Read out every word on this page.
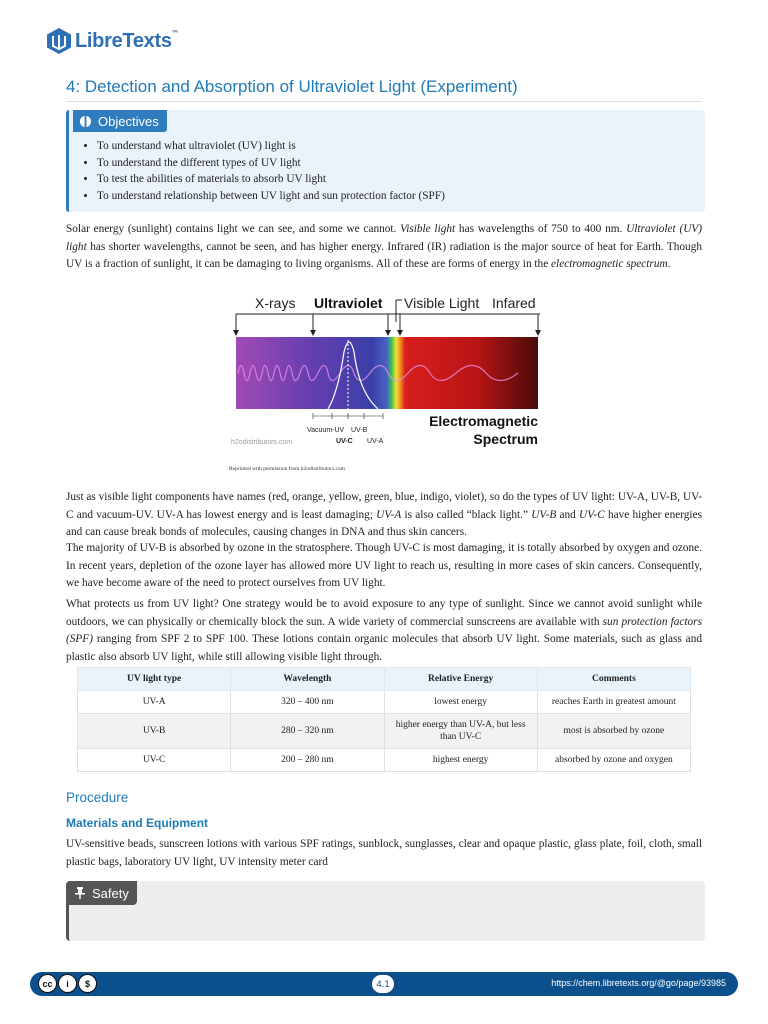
LibreTexts™
4: Detection and Absorption of Ultraviolet Light (Experiment)
Objectives
• To understand what ultraviolet (UV) light is
• To understand the different types of UV light
• To test the abilities of materials to absorb UV light
• To understand relationship between UV light and sun protection factor (SPF)

Solar energy (sunlight) contains light we can see, and some we cannot. Visible light has wavelengths of 750 to 400 nm. Ultraviolet (UV) light has shorter wavelengths, cannot be seen, and has higher energy. Infrared (IR) radiation is the major source of heat for Earth. Though UV is a fraction of sunlight, it can be damaging to living organisms. All of these are forms of energy in the electromagnetic spectrum.

X-rays Ultraviolet Visible Light Infared
Vacuum-UV UV-B
UV-C UV-A
h2odistributors.com
Electromagnetic
Spectrum
Reprinted with permission from h2odistributors.com

Just as visible light components have names (red, orange, yellow, green, blue, indigo, violet), so do the types of UV light: UV-A, UV-B, UV-C and vacuum-UV. UV-A has lowest energy and is least damaging; UV-A is also called “black light.” UV-B and UV-C have higher energies and can cause break bonds of molecules, causing changes in DNA and thus skin cancers.

The majority of UV-B is absorbed by ozone in the stratosphere. Though UV-C is most damaging, it is totally absorbed by oxygen and ozone. In recent years, depletion of the ozone layer has allowed more UV light to reach us, resulting in more cases of skin cancers. Consequently, we have become aware of the need to protect ourselves from UV light.

What protects us from UV light? One strategy would be to avoid exposure to any type of sunlight. Since we cannot avoid sunlight while outdoors, we can physically or chemically block the sun. A wide variety of commercial sunscreens are available with sun protection factors (SPF) ranging from SPF 2 to SPF 100. These lotions contain organic molecules that absorb UV light. Some materials, such as glass and plastic also absorb UV light, while still allowing visible light through.

UV light type	Wavelength	Relative Energy	Comments
UV-A	320 – 400 nm	lowest energy	reaches Earth in greatest amount
UV-B	280 – 320 nm	higher energy than UV-A, but less than UV-C	most is absorbed by ozone
UV-C	200 – 280 nm	highest energy	absorbed by ozone and oxygen
Procedure
Materials and Equipment

UV-sensitive beads, sunscreen lotions with various SPF ratings, sunblock, sunglasses, clear and opaque plastic, glass plate, foil, cloth, small plastic bags, laboratory UV light, UV intensity meter card

Safety
cc	i	$	4.1	https://chem.libretexts.org/@go/page/93985
